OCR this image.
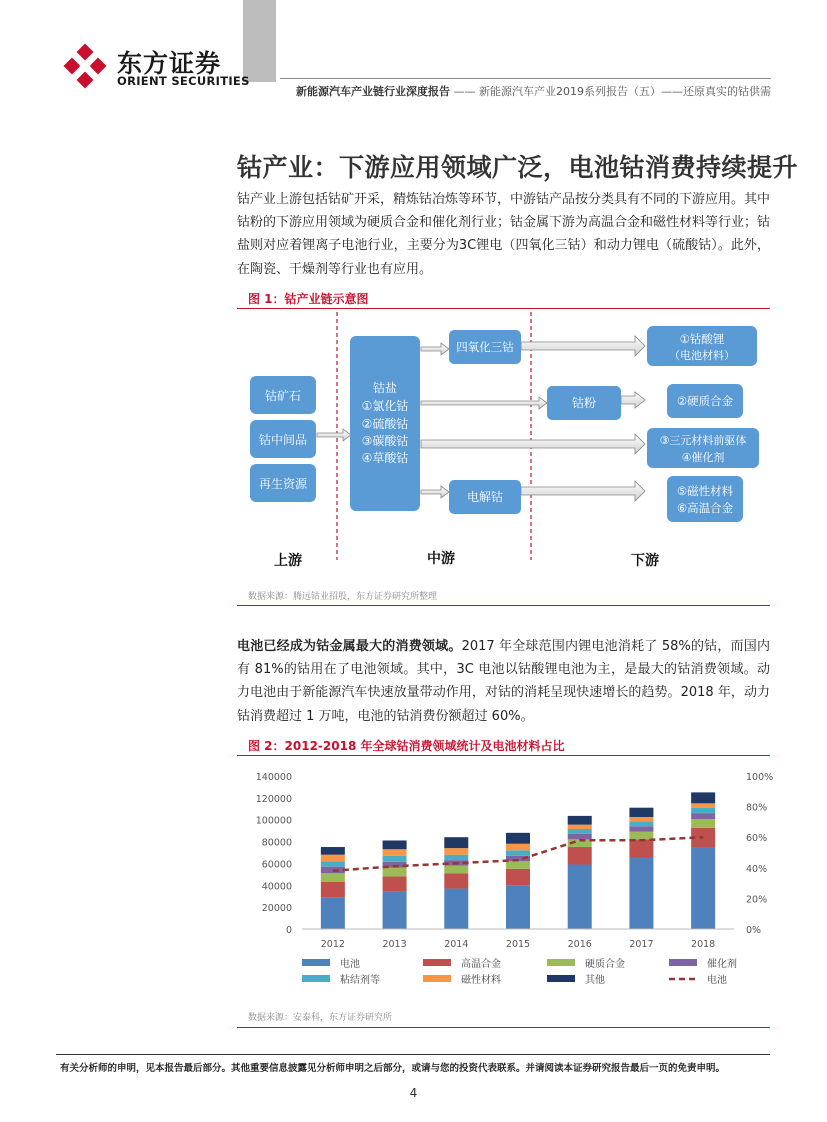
东方证券
ORIENT SECURITIES
新能源汽车产业链行业深度报告 —— 新能源汽车产业2019系列报告（五）——还原真实的钴供需
钴产业：下游应用领域广泛，电池钴消费持续提升
钴产业上游包括钴矿开采，精炼钴冶炼等环节，中游钴产品按分类具有不同的下游应用。其中钴粉的下游应用领域为硬质合金和催化剂行业；钴金属下游为高温合金和磁性材料等行业；钴盐则对应着锂离子电池行业，主要分为3C锂电（四氧化三钴）和动力锂电（硫酸钴）。此外，在陶瓷、干燥剂等行业也有应用。
图 1：钴产业链示意图
钴矿石
钴中间品
再生资源
钴盐
①氯化钴
②硫酸钴
③碳酸钴
④草酸钴
四氧化三钴
钴粉
电解钴
①钴酸锂
（电池材料）
②硬质合金
③三元材料前驱体
④催化剂
⑤磁性材料
⑥高温合金
上游	中游	下游
数据来源：腾远钴业招股，东方证券研究所整理
电池已经成为钴金属最大的消费领域。2017 年全球范围内锂电池消耗了 58%的钴，而国内有 81%的钴用在了电池领域。其中，3C 电池以钴酸锂电池为主，是最大的钴消费领域。动力电池由于新能源汽车快速放量带动作用，对钴的消耗呈现快速增长的趋势。2018 年，动力钴消费超过 1 万吨，电池的钴消费份额超过 60%。
图 2：2012-2018 年全球钴消费领域统计及电池材料占比
0
20000
40000
60000
80000
100000
120000
140000
0%
20%
40%
60%
80%
100%
2012	2013	2014	2015	2016	2017	2018
电池	高温合金	硬质合金	催化剂
粘结剂等	磁性材料	其他	电池
数据来源：安泰科，东方证券研究所
有关分析师的申明，见本报告最后部分。其他重要信息披露见分析师申明之后部分，或请与您的投资代表联系。并请阅读本证券研究报告最后一页的免责申明。
4
